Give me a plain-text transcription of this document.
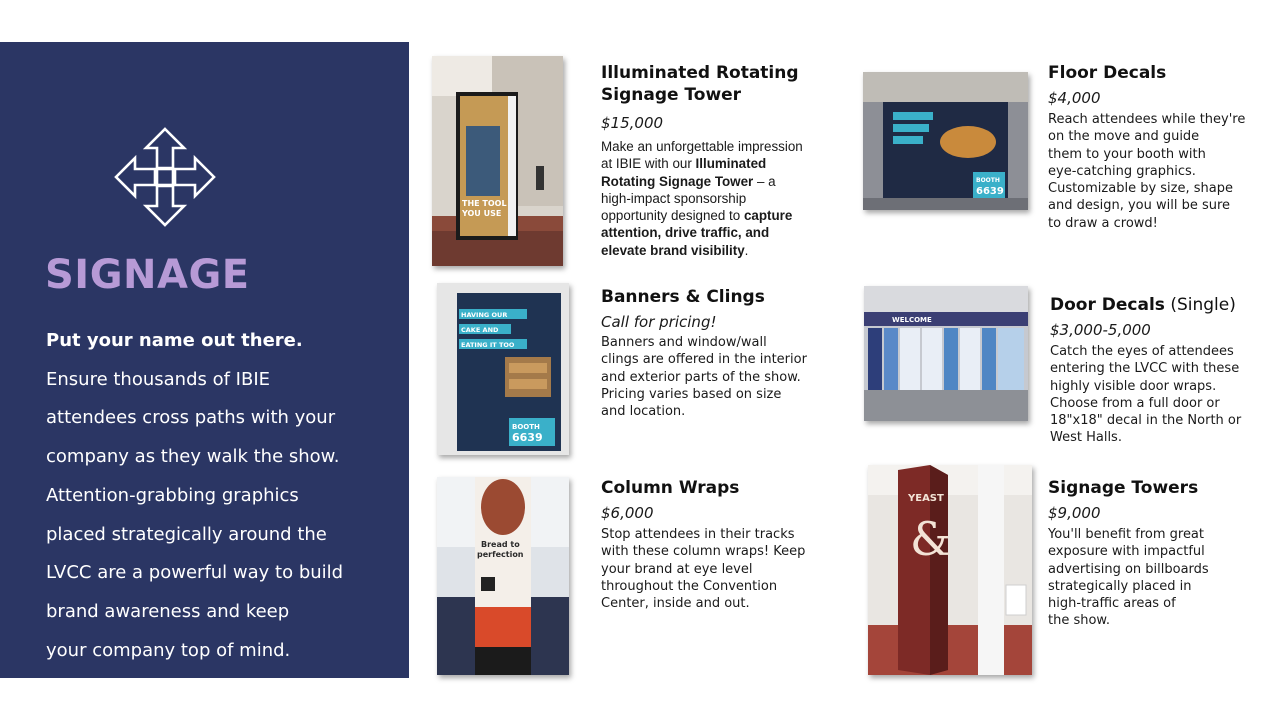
SIGNAGE
Put your name out there.
Ensure thousands of IBIE
attendees cross paths with your
company as they walk the show.
Attention-grabbing graphics
placed strategically around the
LVCC are a powerful way to build
brand awareness and keep
your company top of mind.
THE TOOL
YOU USE
Illuminated Rotating
Signage Tower
$15,000
Make an unforgettable impression
at IBIE with our Illuminated
Rotating Signage Tower – a
high-impact sponsorship
opportunity designed to capture
attention, drive traffic, and
elevate brand visibility.
BOOTH
6639
Floor Decals
$4,000
Reach attendees while they're
on the move and guide
them to your booth with
eye-catching graphics.
Customizable by size, shape
and design, you will be sure
to draw a crowd!
HAVING OUR
CAKE AND
EATING IT TOO
BOOTH
6639
Banners & Clings
Call for pricing!
Banners and window/wall
clings are offered in the interior
and exterior parts of the show.
Pricing varies based on size
and location.
WELCOME
Door Decals (Single)
$3,000-5,000
Catch the eyes of attendees
entering the LVCC with these
highly visible door wraps.
Choose from a full door or
18"x18" decal in the North or
West Halls.
Bread to
perfection
Column Wraps
$6,000
Stop attendees in their tracks
with these column wraps! Keep
your brand at eye level
throughout the Convention
Center, inside and out.
YEAST
&
Signage Towers
$9,000
You'll benefit from great
exposure with impactful
advertising on billboards
strategically placed in
high-traffic areas of
the show.
